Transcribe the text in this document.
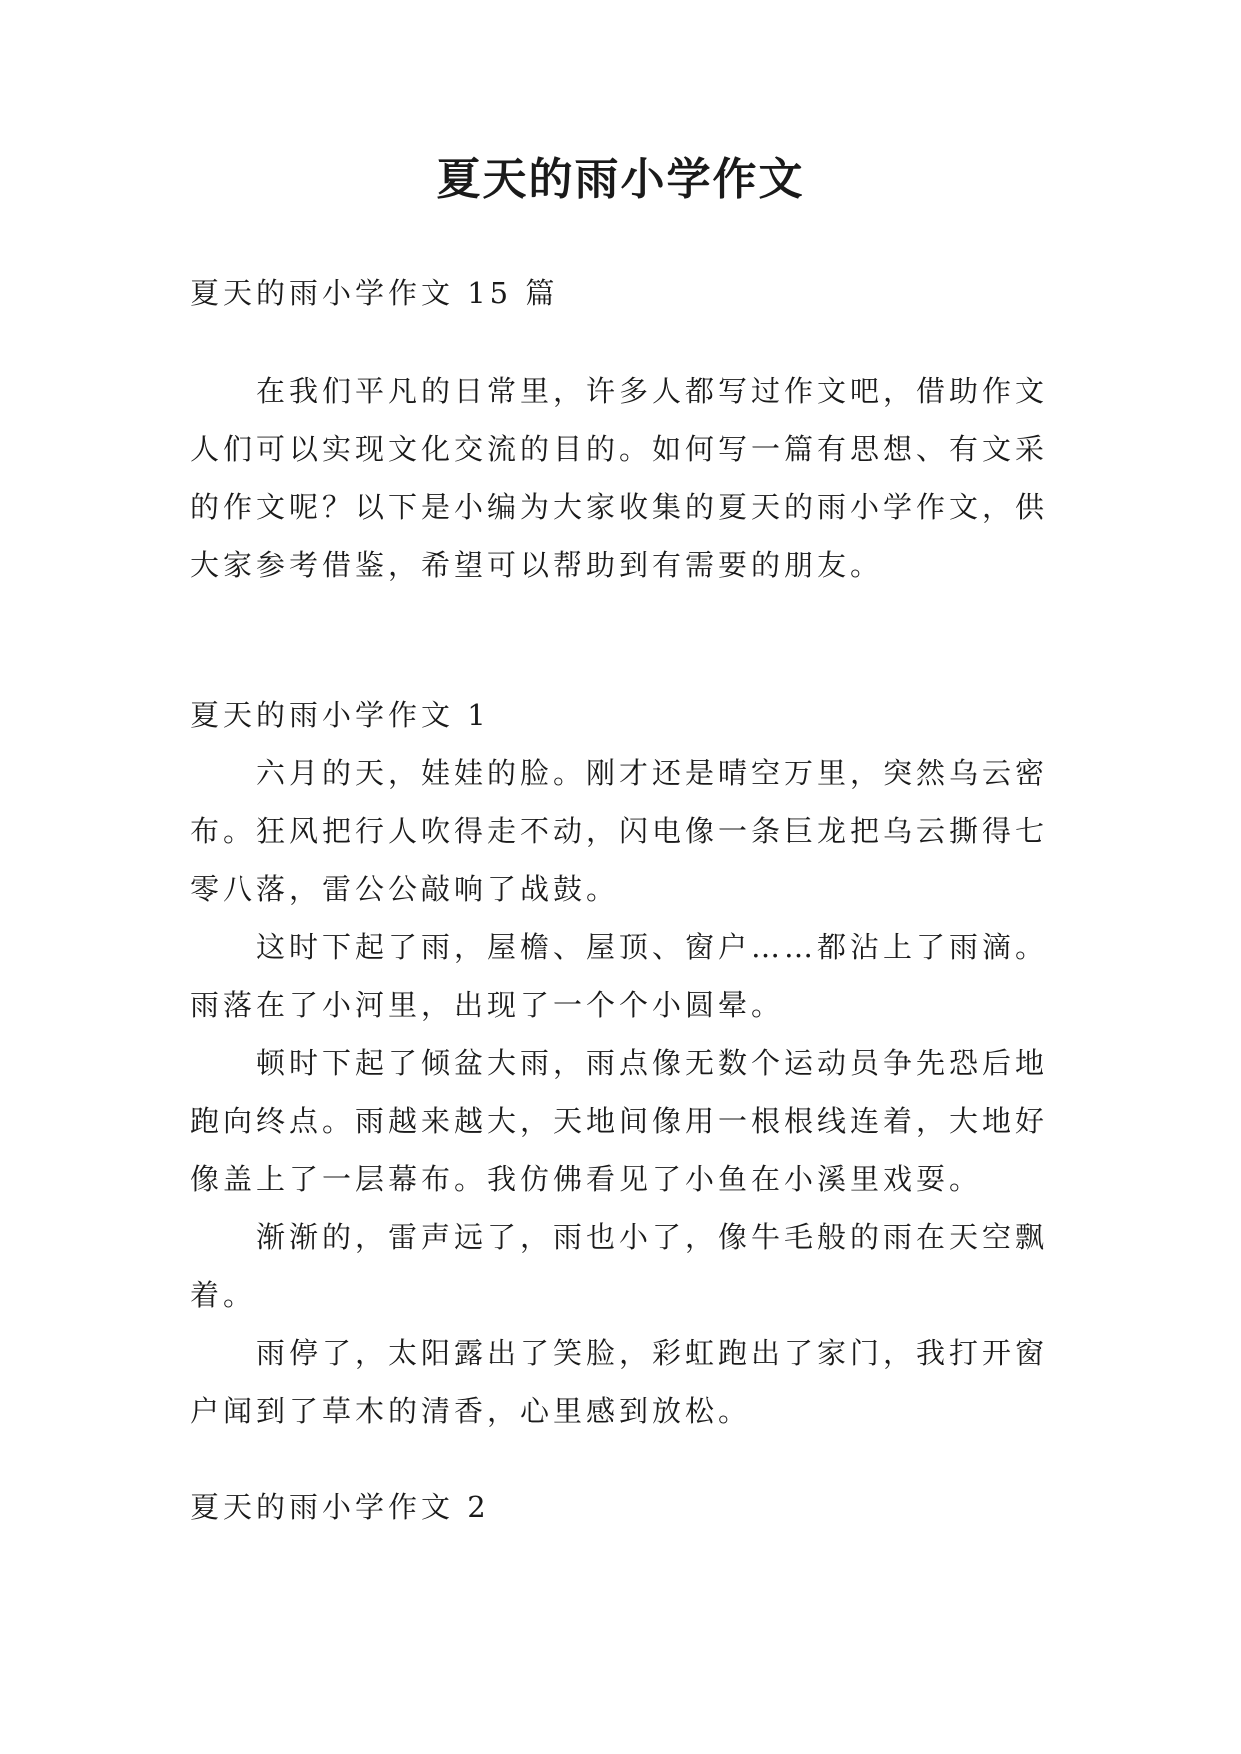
夏天的雨小学作文
夏天的雨小学作文 15 篇
在我们平凡的日常里，许多人都写过作文吧，借助作文
人们可以实现文化交流的目的。如何写一篇有思想、有文采
的作文呢？以下是小编为大家收集的夏天的雨小学作文，供
大家参考借鉴，希望可以帮助到有需要的朋友。
夏天的雨小学作文 1
六月的天，娃娃的脸。刚才还是晴空万里，突然乌云密
布。狂风把行人吹得走不动，闪电像一条巨龙把乌云撕得七
零八落，雷公公敲响了战鼓。
这时下起了雨，屋檐、屋顶、窗户……都沾上了雨滴。
雨落在了小河里，出现了一个个小圆晕。
顿时下起了倾盆大雨，雨点像无数个运动员争先恐后地
跑向终点。雨越来越大，天地间像用一根根线连着，大地好
像盖上了一层幕布。我仿佛看见了小鱼在小溪里戏耍。
渐渐的，雷声远了，雨也小了，像牛毛般的雨在天空飘
着。
雨停了，太阳露出了笑脸，彩虹跑出了家门，我打开窗
户闻到了草木的清香，心里感到放松。
夏天的雨小学作文 2
